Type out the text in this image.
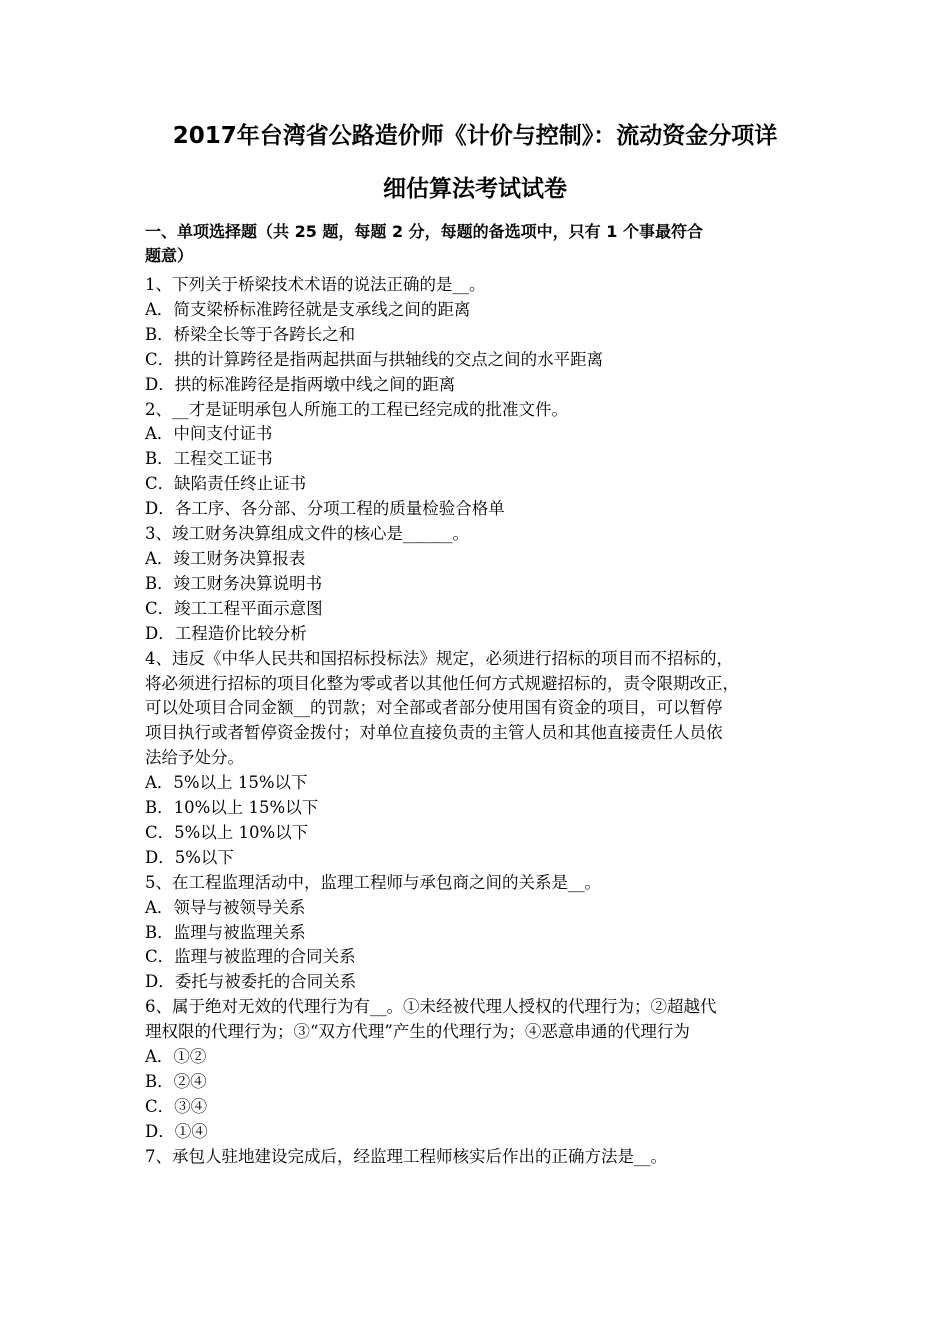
2017年台湾省公路造价师《计价与控制》：流动资金分项详
细估算法考试试卷
一、单项选择题（共 25 题，每题 2 分，每题的备选项中，只有 1 个事最符合
题意）
1、下列关于桥梁技术术语的说法正确的是__。
A．简支梁桥标准跨径就是支承线之间的距离
B．桥梁全长等于各跨长之和
C．拱的计算跨径是指两起拱面与拱轴线的交点之间的水平距离
D．拱的标准跨径是指两墩中线之间的距离
2、__才是证明承包人所施工的工程已经完成的批准文件。
A．中间支付证书
B．工程交工证书
C．缺陷责任终止证书
D．各工序、各分部、分项工程的质量检验合格单
3、竣工财务决算组成文件的核心是______。
A．竣工财务决算报表
B．竣工财务决算说明书
C．竣工工程平面示意图
D．工程造价比较分析
4、违反《中华人民共和国招标投标法》规定，必须进行招标的项目而不招标的，
将必须进行招标的项目化整为零或者以其他任何方式规避招标的，责令限期改正，
可以处项目合同金额__的罚款；对全部或者部分使用国有资金的项目，可以暂停
项目执行或者暂停资金拨付；对单位直接负责的主管人员和其他直接责任人员依
法给予处分。
A．5%以上 15%以下
B．10%以上 15%以下
C．5%以上 10%以下
D．5%以下
5、在工程监理活动中，监理工程师与承包商之间的关系是__。
A．领导与被领导关系
B．监理与被监理关系
C．监理与被监理的合同关系
D．委托与被委托的合同关系
6、属于绝对无效的代理行为有__。①未经被代理人授权的代理行为；②超越代
理权限的代理行为；③“双方代理”产生的代理行为；④恶意串通的代理行为
A．①②
B．②④
C．③④
D．①④
7、承包人驻地建设完成后，经监理工程师核实后作出的正确方法是__。
